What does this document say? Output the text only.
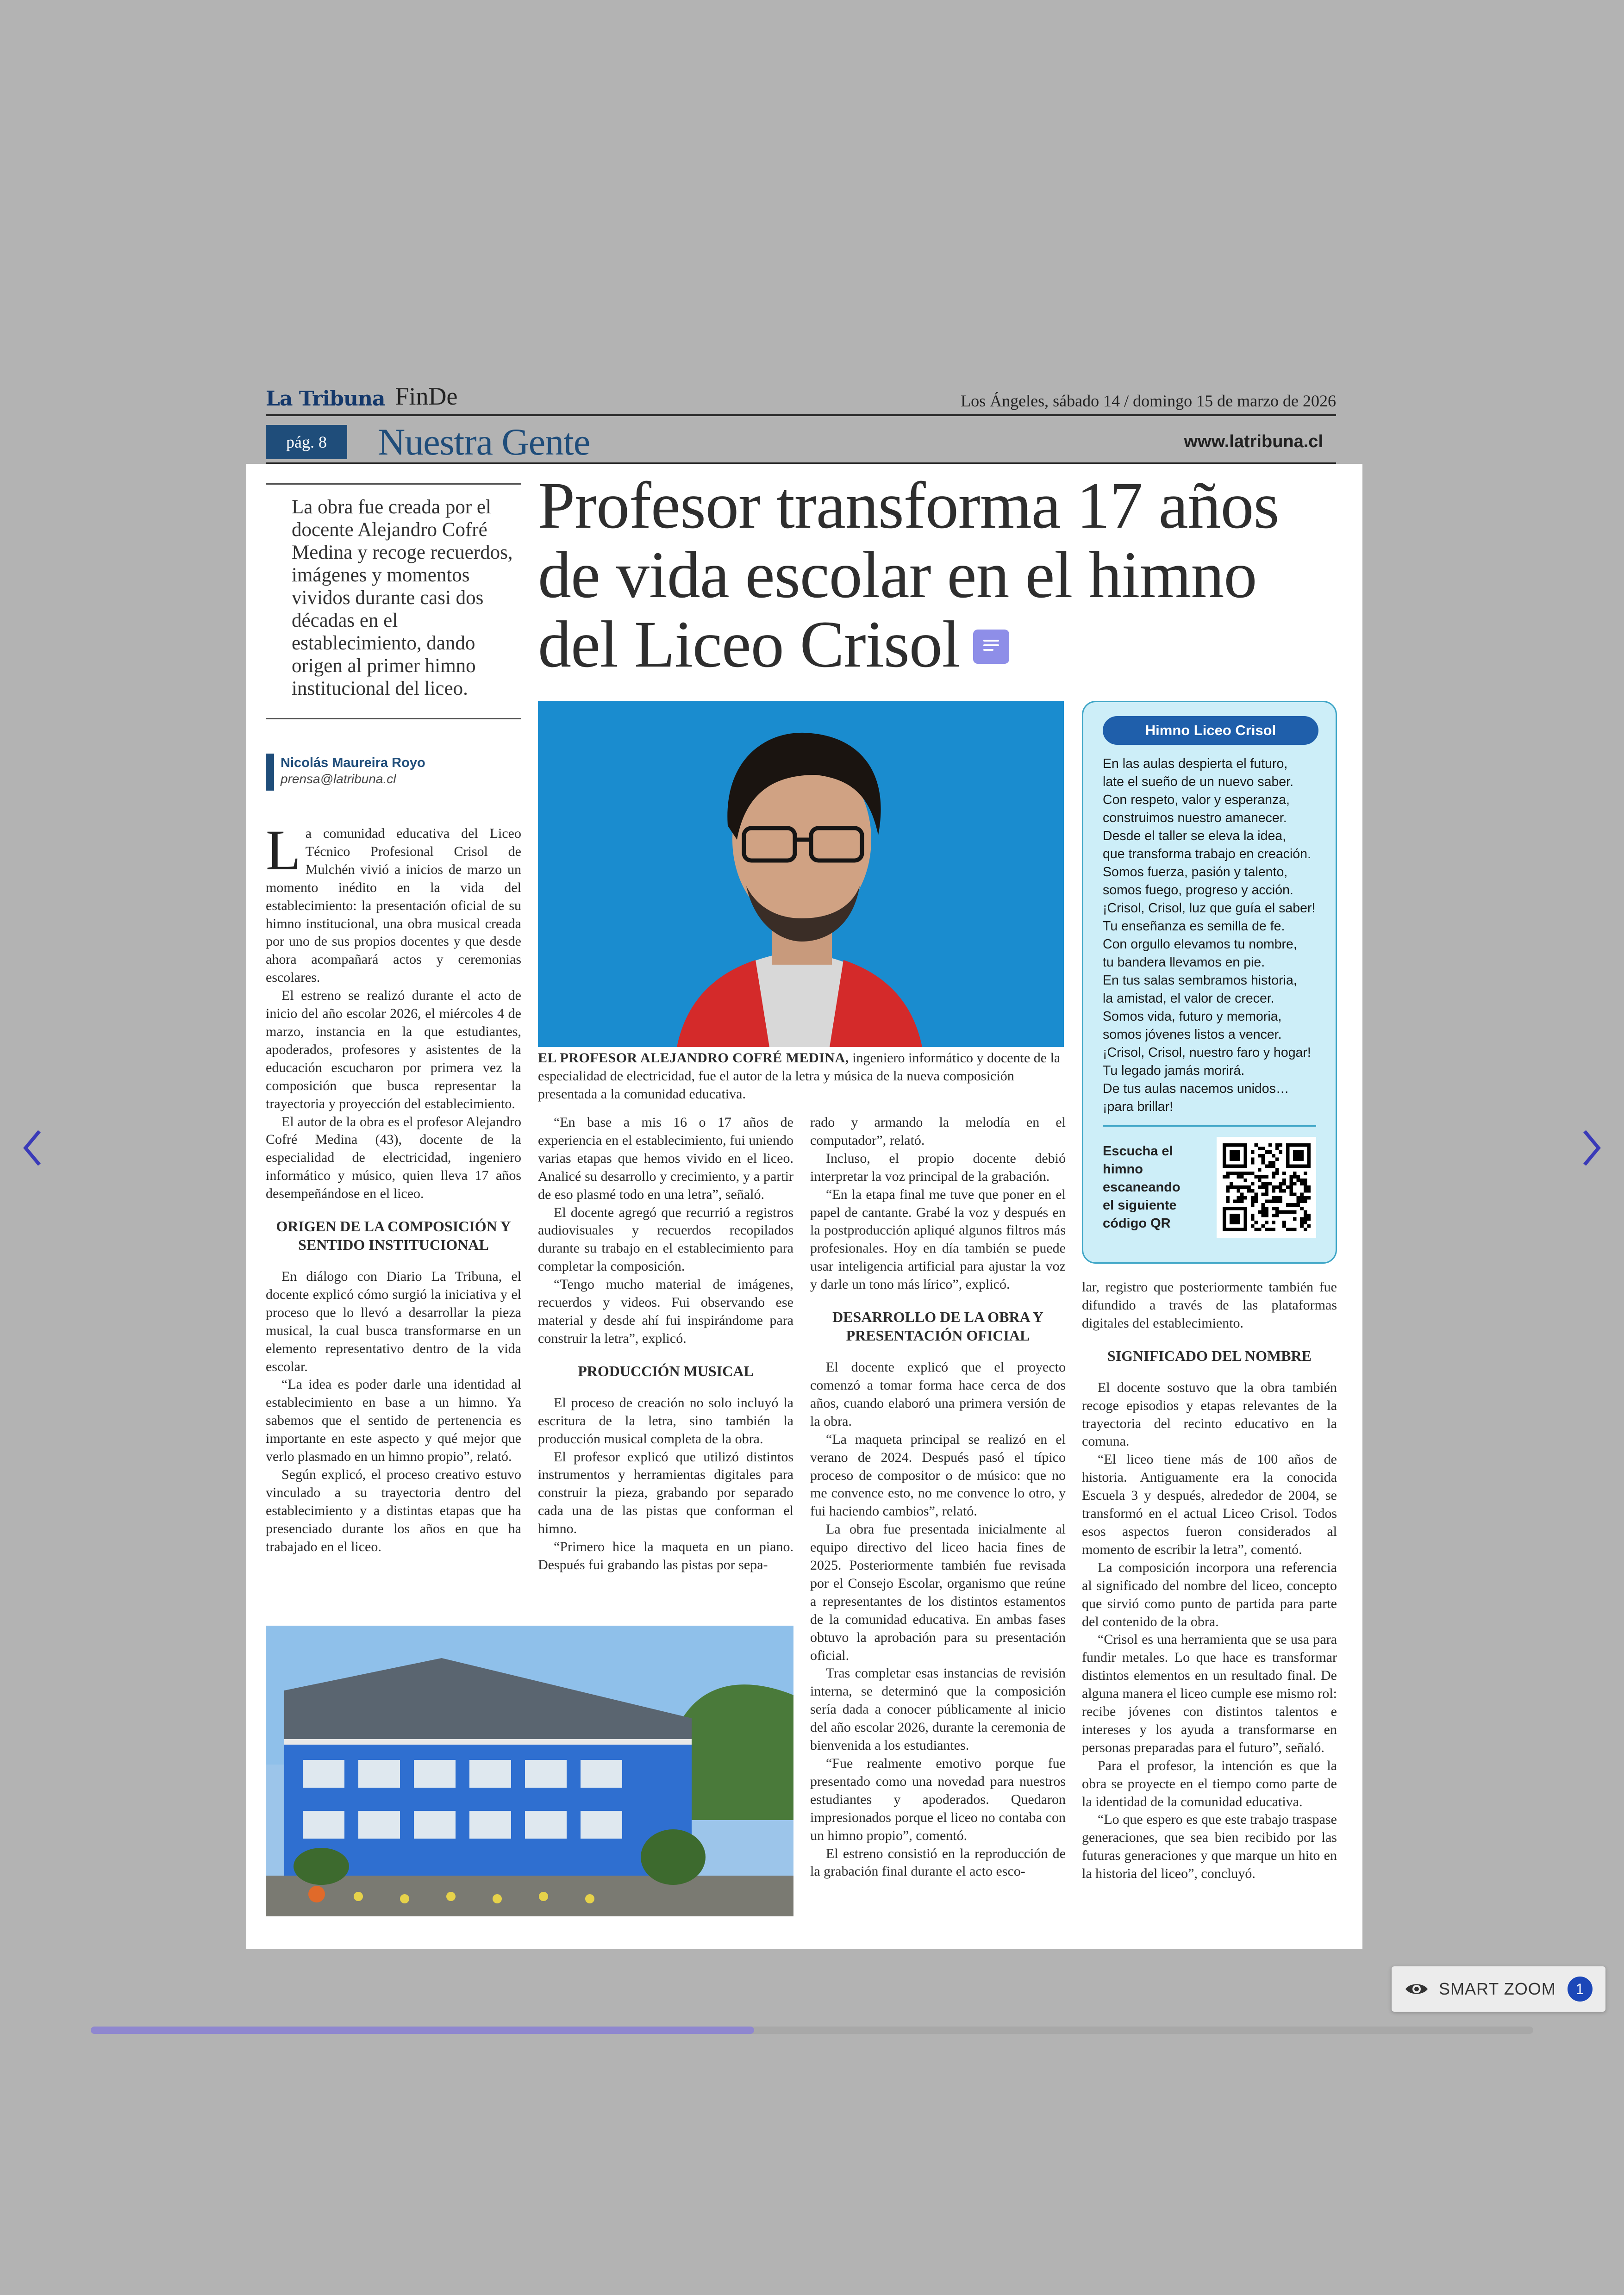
La Tribuna FinDe	Los Ángeles, sábado 14 / domingo 15 de marzo de 2026
pág. 8	Nuestra Gente	www.latribuna.cl
La obra fue creada por el docente Alejandro Cofré Medina y recoge recuerdos, imágenes y momentos vividos durante casi dos décadas en el establecimiento, dando origen al primer himno institucional del liceo.
Nicolás Maureira Royo
prensa@latribuna.cl
Profesor transforma 17 años de vida escolar en el himno del Liceo Crisol
EL PROFESOR ALEJANDRO COFRÉ MEDINA, ingeniero informático y docente de la especialidad de electricidad, fue el autor de la letra y música de la nueva composición presentada a la comunidad educativa.

La comunidad educativa del Liceo Técnico Profesional Crisol de Mulchén vivió a inicios de marzo un momento inédito en la vida del establecimiento: la presentación oficial de su himno institucional, una obra musical creada por uno de sus propios docentes y que desde ahora acompañará actos y ceremonias escolares.

El estreno se realizó durante el acto de inicio del año escolar 2026, el miércoles 4 de marzo, instancia en la que estudiantes, apoderados, profesores y asistentes de la educación escucharon por primera vez la composición que busca representar la trayectoria y proyección del establecimiento.

El autor de la obra es el profesor Alejandro Cofré Medina (43), docente de la especialidad de electricidad, ingeniero informático y músico, quien lleva 17 años desempeñándose en el liceo.

ORIGEN DE LA COMPOSICIÓN Y SENTIDO INSTITUCIONAL

En diálogo con Diario La Tribuna, el docente explicó cómo surgió la iniciativa y el proceso que lo llevó a desarrollar la pieza musical, la cual busca transformarse en un elemento representativo dentro de la vida escolar.

“La idea es poder darle una identidad al establecimiento en base a un himno. Ya sabemos que el sentido de pertenencia es importante en este aspecto y qué mejor que verlo plasmado en un himno propio”, relató.

Según explicó, el proceso creativo estuvo vinculado a su trayectoria dentro del establecimiento y a distintas etapas que ha presenciado durante los años en que ha trabajado en el liceo.

“En base a mis 16 o 17 años de experiencia en el establecimiento, fui uniendo varias etapas que hemos vivido en el liceo. Analicé su desarrollo y crecimiento, y a partir de eso plasmé todo en una letra”, señaló.

El docente agregó que recurrió a registros audiovisuales y recuerdos recopilados durante su trabajo en el establecimiento para completar la composición.

“Tengo mucho material de imágenes, recuerdos y videos. Fui observando ese material y desde ahí fui inspirándome para construir la letra”, explicó.

PRODUCCIÓN MUSICAL

El proceso de creación no solo incluyó la escritura de la letra, sino también la producción musical completa de la obra.

El profesor explicó que utilizó distintos instrumentos y herramientas digitales para construir la pieza, grabando por separado cada una de las pistas que conforman el himno.

“Primero hice la maqueta en un piano. Después fui grabando las pistas por sepa-

rado y armando la melodía en el computador”, relató.

Incluso, el propio docente debió interpretar la voz principal de la grabación.

“En la etapa final me tuve que poner en el papel de cantante. Grabé la voz y después en la postproducción apliqué algunos filtros más profesionales. Hoy en día también se puede usar inteligencia artificial para ajustar la voz y darle un tono más lírico”, explicó.

DESARROLLO DE LA OBRA Y PRESENTACIÓN OFICIAL

El docente explicó que el proyecto comenzó a tomar forma hace cerca de dos años, cuando elaboró una primera versión de la obra.

“La maqueta principal se realizó en el verano de 2024. Después pasó el típico proceso de compositor o de músico: que no me convence esto, no me convence lo otro, y fui haciendo cambios”, relató.

La obra fue presentada inicialmente al equipo directivo del liceo hacia fines de 2025. Posteriormente también fue revisada por el Consejo Escolar, organismo que reúne a representantes de los distintos estamentos de la comunidad educativa. En ambas fases obtuvo la aprobación para su presentación oficial.

Tras completar esas instancias de revisión interna, se determinó que la composición sería dada a conocer públicamente al inicio del año escolar 2026, durante la ceremonia de bienvenida a los estudiantes.

“Fue realmente emotivo porque fue presentado como una novedad para nuestros estudiantes y apoderados. Quedaron impresionados porque el liceo no contaba con un himno propio”, comentó.

El estreno consistió en la reproducción de la grabación final durante el acto esco-

lar, registro que posteriormente también fue difundido a través de las plataformas digitales del establecimiento.

SIGNIFICADO DEL NOMBRE

El docente sostuvo que la obra también recoge episodios y etapas relevantes de la trayectoria del recinto educativo en la comuna.

“El liceo tiene más de 100 años de historia. Antiguamente era la conocida Escuela 3 y después, alrededor de 2004, se transformó en el actual Liceo Crisol. Todos esos aspectos fueron considerados al momento de escribir la letra”, comentó.

La composición incorpora una referencia al significado del nombre del liceo, concepto que sirvió como punto de partida para parte del contenido de la obra.

“Crisol es una herramienta que se usa para fundir metales. Lo que hace es transformar distintos elementos en un resultado final. De alguna manera el liceo cumple ese mismo rol: recibe jóvenes con distintos talentos e intereses y los ayuda a transformarse en personas preparadas para el futuro”, señaló.

Para el profesor, la intención es que la obra se proyecte en el tiempo como parte de la identidad de la comunidad educativa.

“Lo que espero es que este trabajo traspase generaciones, que sea bien recibido por las futuras generaciones y que marque un hito en la historia del liceo”, concluyó.

Himno Liceo Crisol
En las aulas despierta el futuro,
late el sueño de un nuevo saber.
Con respeto, valor y esperanza,
construimos nuestro amanecer.
Desde el taller se eleva la idea,
que transforma trabajo en creación.
Somos fuerza, pasión y talento,
somos fuego, progreso y acción.
¡Crisol, Crisol, luz que guía el saber!
Tu enseñanza es semilla de fe.
Con orgullo elevamos tu nombre,
tu bandera llevamos en pie.
En tus salas sembramos historia,
la amistad, el valor de crecer.
Somos vida, futuro y memoria,
somos jóvenes listos a vencer.
¡Crisol, Crisol, nuestro faro y hogar!
Tu legado jamás morirá.
De tus aulas nacemos unidos…
¡para brillar!
Escucha el himno
escaneando
el siguiente
código QR
SMART ZOOM	1
